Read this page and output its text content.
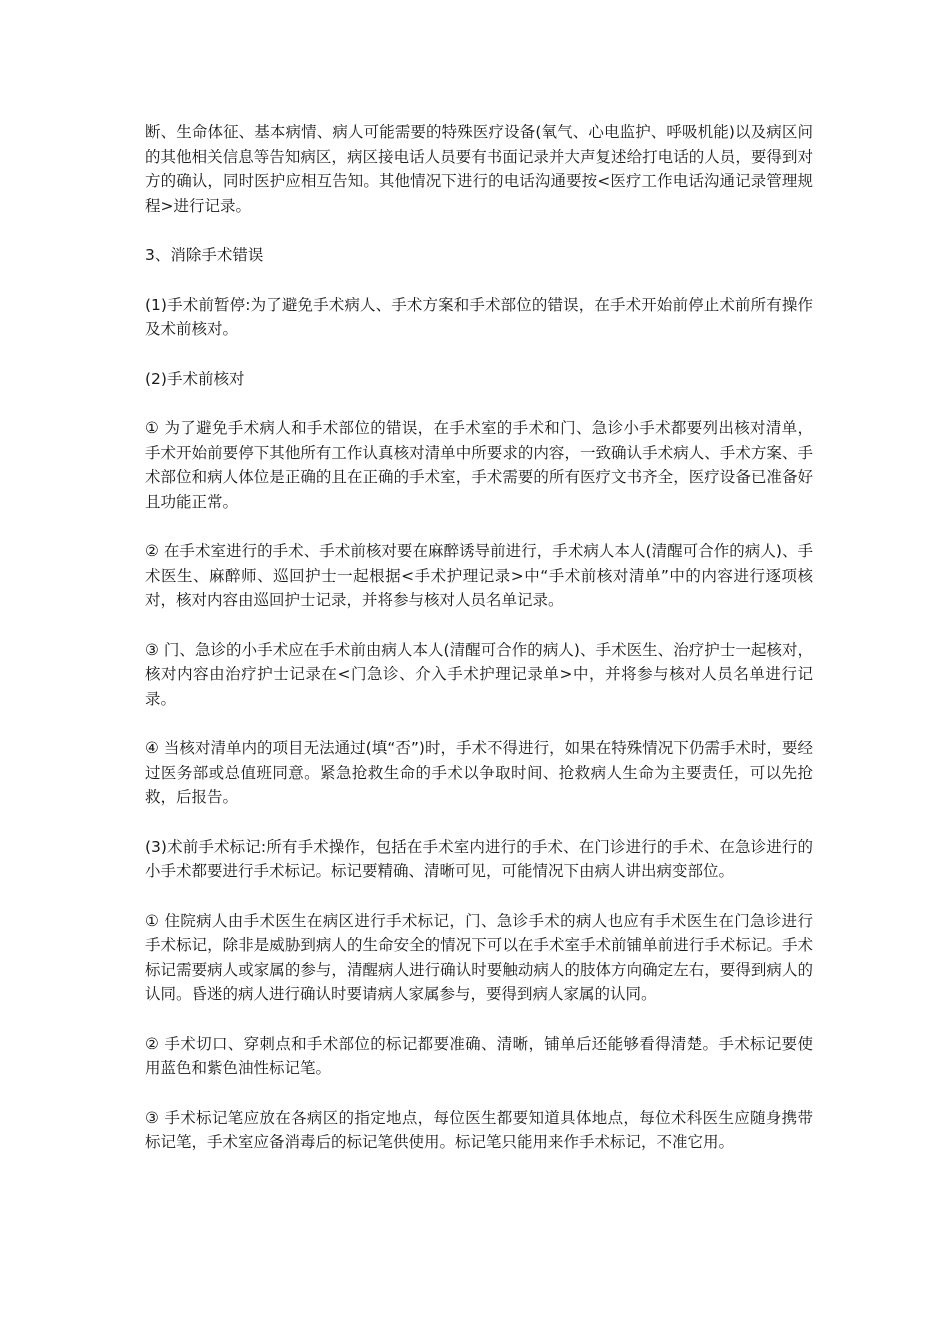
断、生命体征、基本病情、病人可能需要的特殊医疗设备(氧气、心电监护、呼吸机能)以及病区问的其他相关信息等告知病区，病区接电话人员要有书面记录并大声复述给打电话的人员，要得到对方的确认，同时医护应相互告知。其他情况下进行的电话沟通要按<医疗工作电话沟通记录管理规程>进行记录。

3、消除手术错误

(1)手术前暂停:为了避免手术病人、手术方案和手术部位的错误，在手术开始前停止术前所有操作及术前核对。

(2)手术前核对

① 为了避免手术病人和手术部位的错误，在手术室的手术和门、急诊小手术都要列出核对清单，手术开始前要停下其他所有工作认真核对清单中所要求的内容，一致确认手术病人、手术方案、手术部位和病人体位是正确的且在正确的手术室，手术需要的所有医疗文书齐全，医疗设备已准备好且功能正常。

② 在手术室进行的手术、手术前核对要在麻醉诱导前进行，手术病人本人(清醒可合作的病人)、手术医生、麻醉师、巡回护士一起根据<手术护理记录>中“手术前核对清单”中的内容进行逐项核对，核对内容由巡回护士记录，并将参与核对人员名单记录。

③ 门、急诊的小手术应在手术前由病人本人(清醒可合作的病人)、手术医生、治疗护士一起核对，核对内容由治疗护士记录在<门急诊、介入手术护理记录单>中，并将参与核对人员名单进行记录。

④ 当核对清单内的项目无法通过(填“否”)时，手术不得进行，如果在特殊情况下仍需手术时，要经过医务部或总值班同意。紧急抢救生命的手术以争取时间、抢救病人生命为主要责任，可以先抢救，后报告。

(3)术前手术标记:所有手术操作，包括在手术室内进行的手术、在门诊进行的手术、在急诊进行的小手术都要进行手术标记。标记要精确、清晰可见，可能情况下由病人讲出病变部位。

① 住院病人由手术医生在病区进行手术标记，门、急诊手术的病人也应有手术医生在门急诊进行手术标记，除非是威胁到病人的生命安全的情况下可以在手术室手术前铺单前进行手术标记。手术标记需要病人或家属的参与，清醒病人进行确认时要触动病人的肢体方向确定左右，要得到病人的认同。昏迷的病人进行确认时要请病人家属参与，要得到病人家属的认同。

② 手术切口、穿刺点和手术部位的标记都要准确、清晰，铺单后还能够看得清楚。手术标记要使用蓝色和紫色油性标记笔。

③ 手术标记笔应放在各病区的指定地点，每位医生都要知道具体地点，每位术科医生应随身携带标记笔，手术室应备消毒后的标记笔供使用。标记笔只能用来作手术标记，不准它用。
